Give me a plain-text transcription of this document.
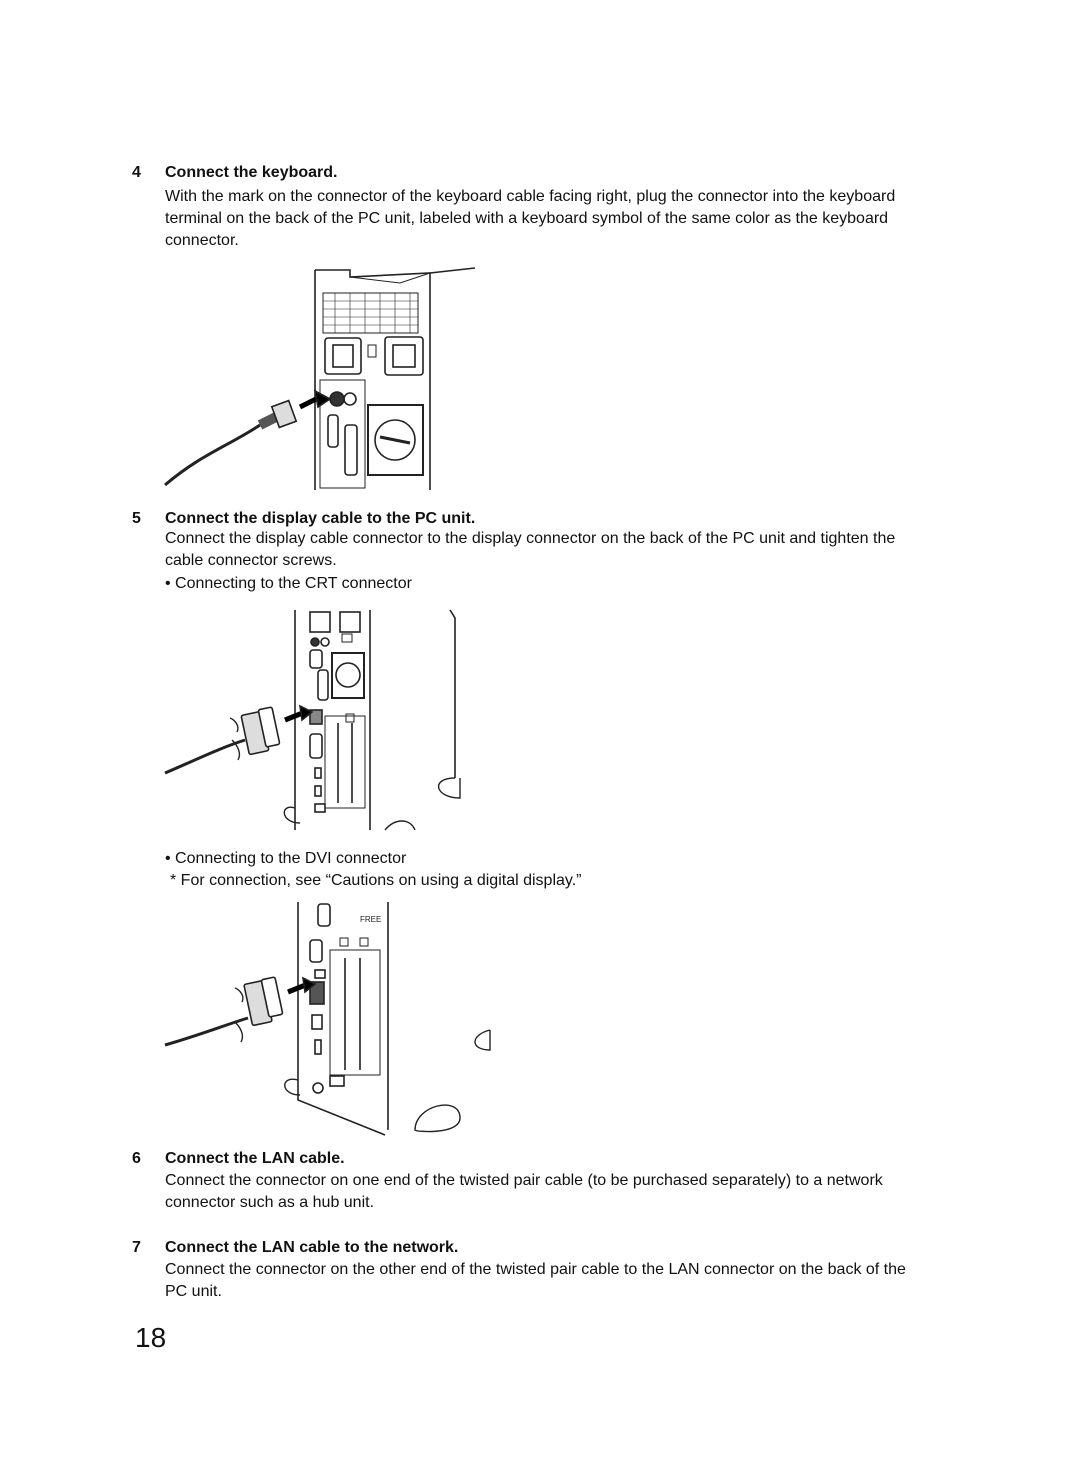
4 Connect the keyboard.

With the mark on the connector of the keyboard cable facing right, plug the connector into the keyboard terminal on the back of the PC unit, labeled with a keyboard symbol of the same color as the keyboard connector.

5 Connect the display cable to the PC unit.

Connect the display cable connector to the display connector on the back of the PC unit and tighten the cable connector screws.

• Connecting to the CRT connector
• Connecting to the DVI connector
* For connection, see “Cautions on using a digital display.”
FREE
6 Connect the LAN cable.

Connect the connector on one end of the twisted pair cable (to be purchased separately) to a network connector such as a hub unit.

7 Connect the LAN cable to the network.

Connect the connector on the other end of the twisted pair cable to the LAN connector on the back of the PC unit.

18
